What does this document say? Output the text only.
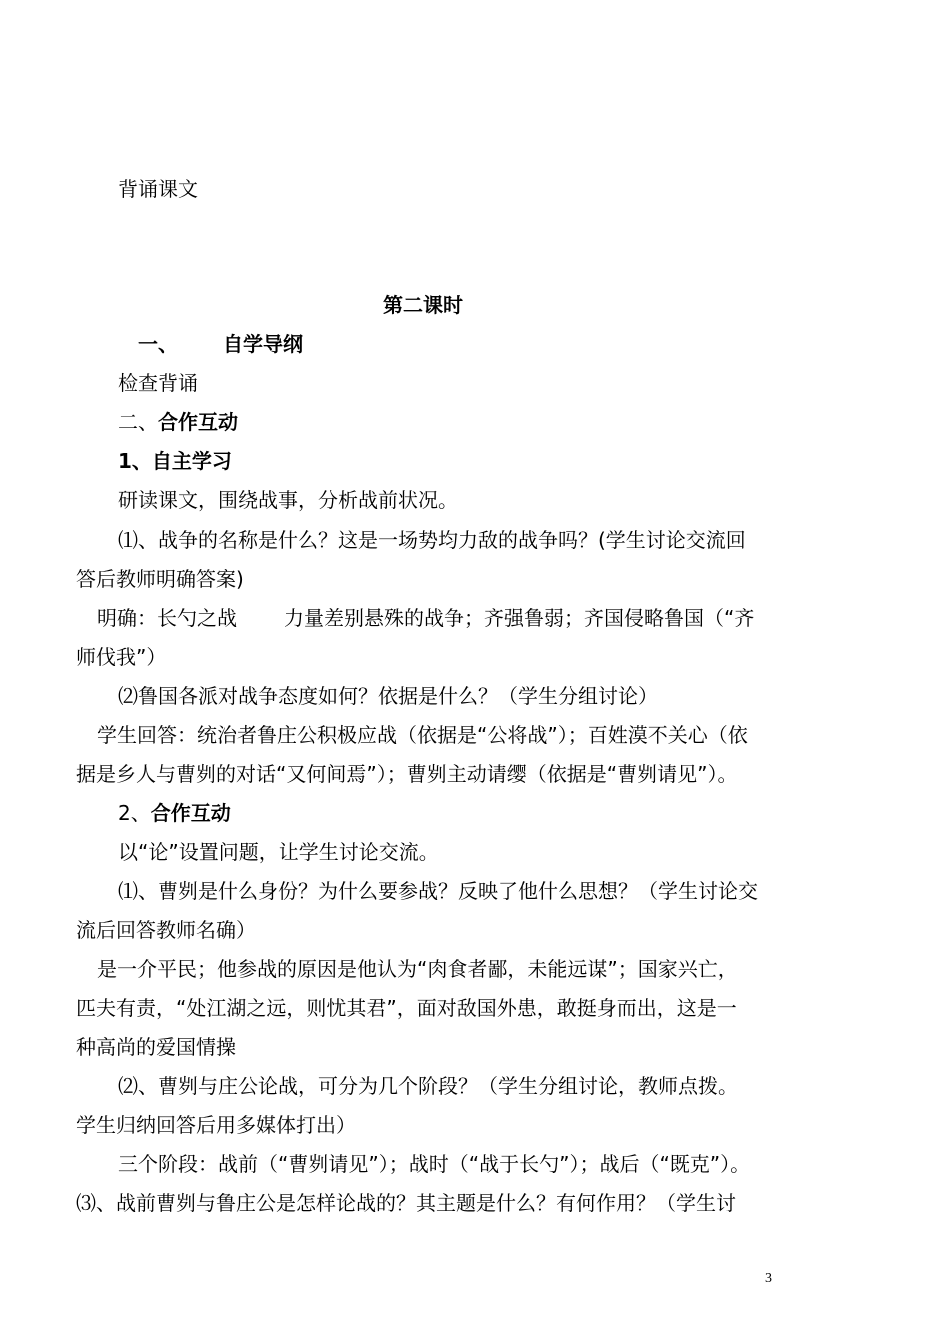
背诵课文
第二课时
一、 自学导纲
检查背诵
二、合作互动
1、自主学习
研读课文，围绕战事，分析战前状况。
⑴、战争的名称是什么？这是一场势均力敌的战争吗？(学生讨论交流回
答后教师明确答案)
明确：长勺之战 力量差别悬殊的战争；齐强鲁弱；齐国侵略鲁国（“齐
师伐我”）
⑵鲁国各派对战争态度如何？依据是什么？（学生分组讨论）
学生回答：统治者鲁庄公积极应战（依据是“公将战”）；百姓漠不关心（依
据是乡人与曹刿的对话“又何间焉”）；曹刿主动请缨（依据是“曹刿请见”）。
2、合作互动
以“论”设置问题，让学生讨论交流。
⑴、曹刿是什么身份？为什么要参战？反映了他什么思想？（学生讨论交
流后回答教师名确）
是一介平民；他参战的原因是他认为“肉食者鄙，未能远谋”；国家兴亡，
匹夫有责，“处江湖之远，则忧其君”，面对敌国外患，敢挺身而出，这是一
种高尚的爱国情操
⑵、曹刿与庄公论战，可分为几个阶段？（学生分组讨论，教师点拨。
学生归纳回答后用多媒体打出）
三个阶段：战前（“曹刿请见”）；战时（“战于长勺”）；战后（“既克”）。
⑶、战前曹刿与鲁庄公是怎样论战的？其主题是什么？有何作用？（学生讨
3
